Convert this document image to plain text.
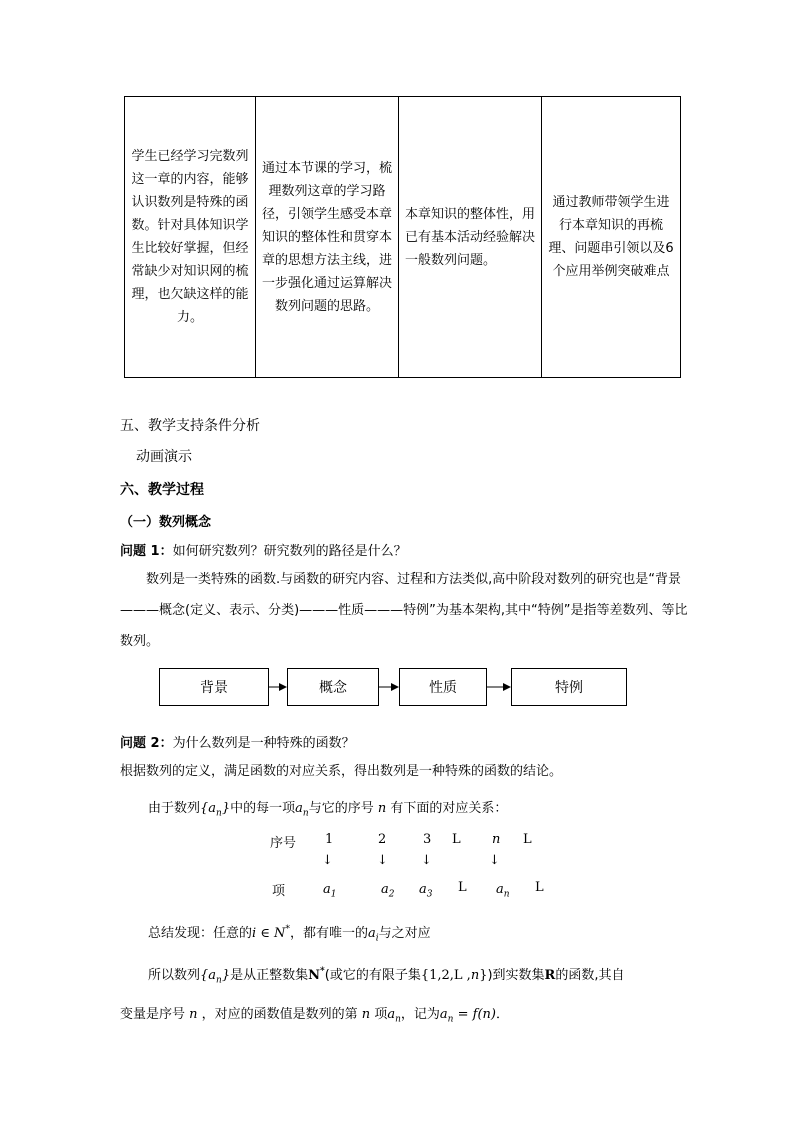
学生已经学习完数列这一章的内容，能够认识数列是特殊的函数。针对具体知识学生比较好掌握，但经常缺少对知识网的梳理，也欠缺这样的能力。	通过本节课的学习，梳理数列这章的学习路径，引领学生感受本章知识的整体性和贯穿本章的思想方法主线，进一步强化通过运算解决数列问题的思路。	本章知识的整体性，用已有基本活动经验解决一般数列问题。	通过教师带领学生进行本章知识的再梳理、问题串引领以及6个应用举例突破难点
五、教学支持条件分析
动画演示
六、教学过程
（一）数列概念
问题 1：如何研究数列？研究数列的路径是什么？
数列是一类特殊的函数.与函数的研究内容、过程和方法类似,高中阶段对数列的研究也是“背景———概念(定义、表示、分类)———性质———特例”为基本架构,其中“特例”是指等差数列、等比数列。
背景	概念	性质	特例
问题 2：为什么数列是一种特殊的函数？
根据数列的定义，满足函数的对应关系，得出数列是一种特殊的函数的结论。
由于数列$\{a_n\}$中的每一项$a_n$与它的序号 n 有下面的对应关系：
序号 1	2	3 L n L
↓	↓	↓	↓
项	$a_1$	$a_2$ $a_3$ L $a_n$ L
总结发现：任意的i ∈ N*，都有唯一的$a_i$与之对应
所以数列$\{a_n\}$是从正整数集N*(或它的有限子集{1,2,L ,n})到实数集R的函数,其自
变量是序号 n ，对应的函数值是数列的第 n 项$a_n$，记为$a_n = f(n)$．
